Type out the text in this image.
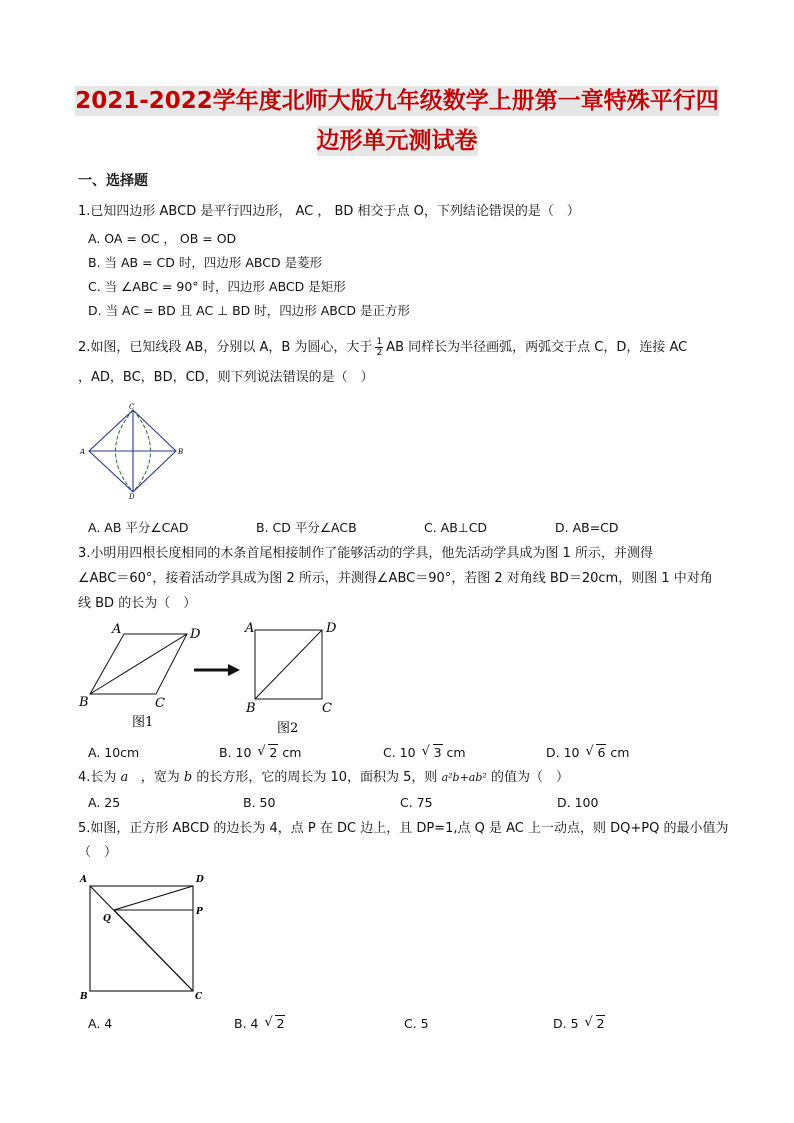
2021-2022学年度北师大版九年级数学上册第一章特殊平行四
边形单元测试卷
一、选择题
1.已知四边形 ABCD 是平行四边形， AC ， BD 相交于点 O，下列结论错误的是（　）
A. OA = OC ， OB = OD
B. 当 AB = CD 时，四边形 ABCD 是菱形
C. 当 ∠ABC = 90° 时，四边形 ABCD 是矩形
D. 当 AC = BD 且 AC ⊥ BD 时，四边形 ABCD 是正方形
2.如图，已知线段 AB，分别以 A，B 为圆心，大于 $\frac{1}{2}$ AB 同样长为半径画弧，两弧交于点 C，D，连接 AC
，AD，BC，BD，CD，则下列说法错误的是（　）
C
A	B
D
A. AB 平分∠CAD	B. CD 平分∠ACB	C. AB⊥CD	D. AB=CD
3.小明用四根长度相同的木条首尾相接制作了能够活动的学具，他先活动学具成为图 1 所示，并测得
∠ABC＝60°，接着活动学具成为图 2 所示，并测得∠ABC＝90°，若图 2 对角线 BD＝20cm，则图 1 中对角
线 BD 的长为（　）
A	D
B	C
图1
A	D
B	C
图2
A. 10cm	B. 10 √ 2 cm	C. 10 √ 3 cm	D. 10 √ 6 cm
4.长为 a ，宽为 b 的长方形，它的周长为 10，面积为 5，则 a²b+ab² 的值为（　）
A. 25	B. 50	C. 75	D. 100
5.如图，正方形 ABCD 的边长为 4，点 P 在 DC 边上，且 DP=1,点 Q 是 AC 上一动点，则 DQ+PQ 的最小值为
（　）
A	D
P
Q
B	C
A. 4	B. 4 √ 2	C. 5	D. 5 √ 2
